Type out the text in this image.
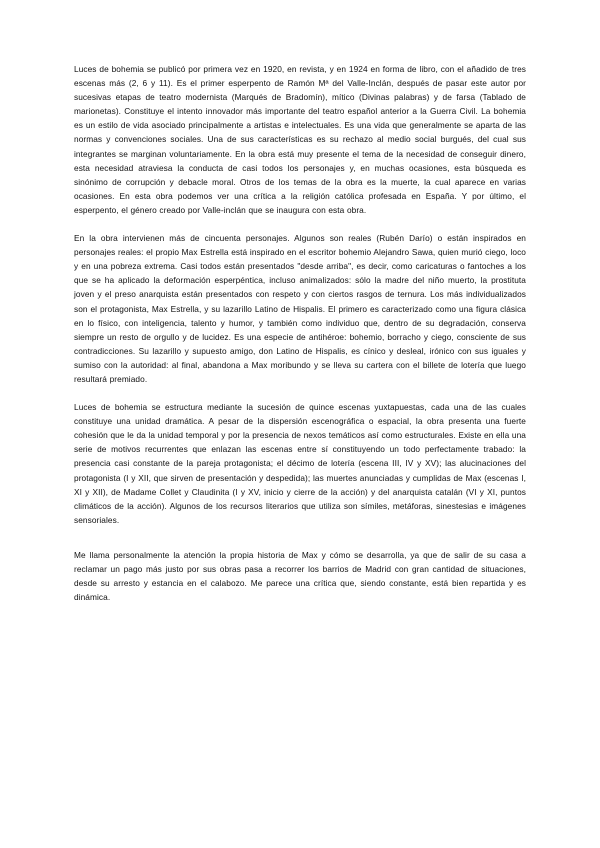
Luces de bohemia se publicó por primera vez en 1920, en revista, y en 1924 en forma de libro, con el añadido de tres escenas más (2, 6 y 11). Es el primer esperpento de Ramón Mª del Valle-Inclán, después de pasar este autor por sucesivas etapas de teatro modernista (Marqués de Bradomín), mítico (Divinas palabras) y de farsa (Tablado de marionetas). Constituye el intento innovador más importante del teatro español anterior a la Guerra Civil. La bohemia es un estilo de vida asociado principalmente a artistas e intelectuales. Es una vida que generalmente se aparta de las normas y convenciones sociales. Una de sus características es su rechazo al medio social burgués, del cual sus integrantes se marginan voluntariamente. En la obra está muy presente el tema de la necesidad de conseguir dinero, esta necesidad atraviesa la conducta de casi todos los personajes y, en muchas ocasiones, esta búsqueda es sinónimo de corrupción y debacle moral. Otros de los temas de la obra es la muerte, la cual aparece en varias ocasiones. En esta obra podemos ver una crítica a la religión católica profesada en España. Y por último, el esperpento, el género creado por Valle-inclán que se inaugura con esta obra.

En la obra intervienen más de cincuenta personajes. Algunos son reales (Rubén Darío) o están inspirados en personajes reales: el propio Max Estrella está inspirado en el escritor bohemio Alejandro Sawa, quien murió ciego, loco y en una pobreza extrema. Casi todos están presentados "desde arriba", es decir, como caricaturas o fantoches a los que se ha aplicado la deformación esperpéntica, incluso animalizados: sólo la madre del niño muerto, la prostituta joven y el preso anarquista están presentados con respeto y con ciertos rasgos de ternura. Los más individualizados son el protagonista, Max Estrella, y su lazarillo Latino de Hispalis. El primero es caracterizado como una figura clásica en lo físico, con inteligencia, talento y humor, y también como individuo que, dentro de su degradación, conserva siempre un resto de orgullo y de lucidez. Es una especie de antihéroe: bohemio, borracho y ciego, consciente de sus contradicciones. Su lazarillo y supuesto amigo, don Latino de Hispalis, es cínico y desleal, irónico con sus iguales y sumiso con la autoridad: al final, abandona a Max moribundo y se lleva su cartera con el billete de lotería que luego resultará premiado.

Luces de bohemia se estructura mediante la sucesión de quince escenas yuxtapuestas, cada una de las cuales constituye una unidad dramática. A pesar de la dispersión escenográfica o espacial, la obra presenta una fuerte cohesión que le da la unidad temporal y por la presencia de nexos temáticos así como estructurales. Existe en ella una serie de motivos recurrentes que enlazan las escenas entre sí constituyendo un todo perfectamente trabado: la presencia casi constante de la pareja protagonista; el décimo de lotería (escena III, IV y XV); las alucinaciones del protagonista (I y XII, que sirven de presentación y despedida); las muertes anunciadas y cumplidas de Max (escenas I, XI y XII), de Madame Collet y Claudinita (I y XV, inicio y cierre de la acción) y del anarquista catalán (VI y XI, puntos climáticos de la acción). Algunos de los recursos literarios que utiliza son símiles, metáforas, sinestesias e imágenes sensoriales.

Me llama personalmente la atención la propia historia de Max y cómo se desarrolla, ya que de salir de su casa a reclamar un pago más justo por sus obras pasa a recorrer los barrios de Madrid con gran cantidad de situaciones, desde su arresto y estancia en el calabozo. Me parece una crítica que, siendo constante, está bien repartida y es dinámica.
